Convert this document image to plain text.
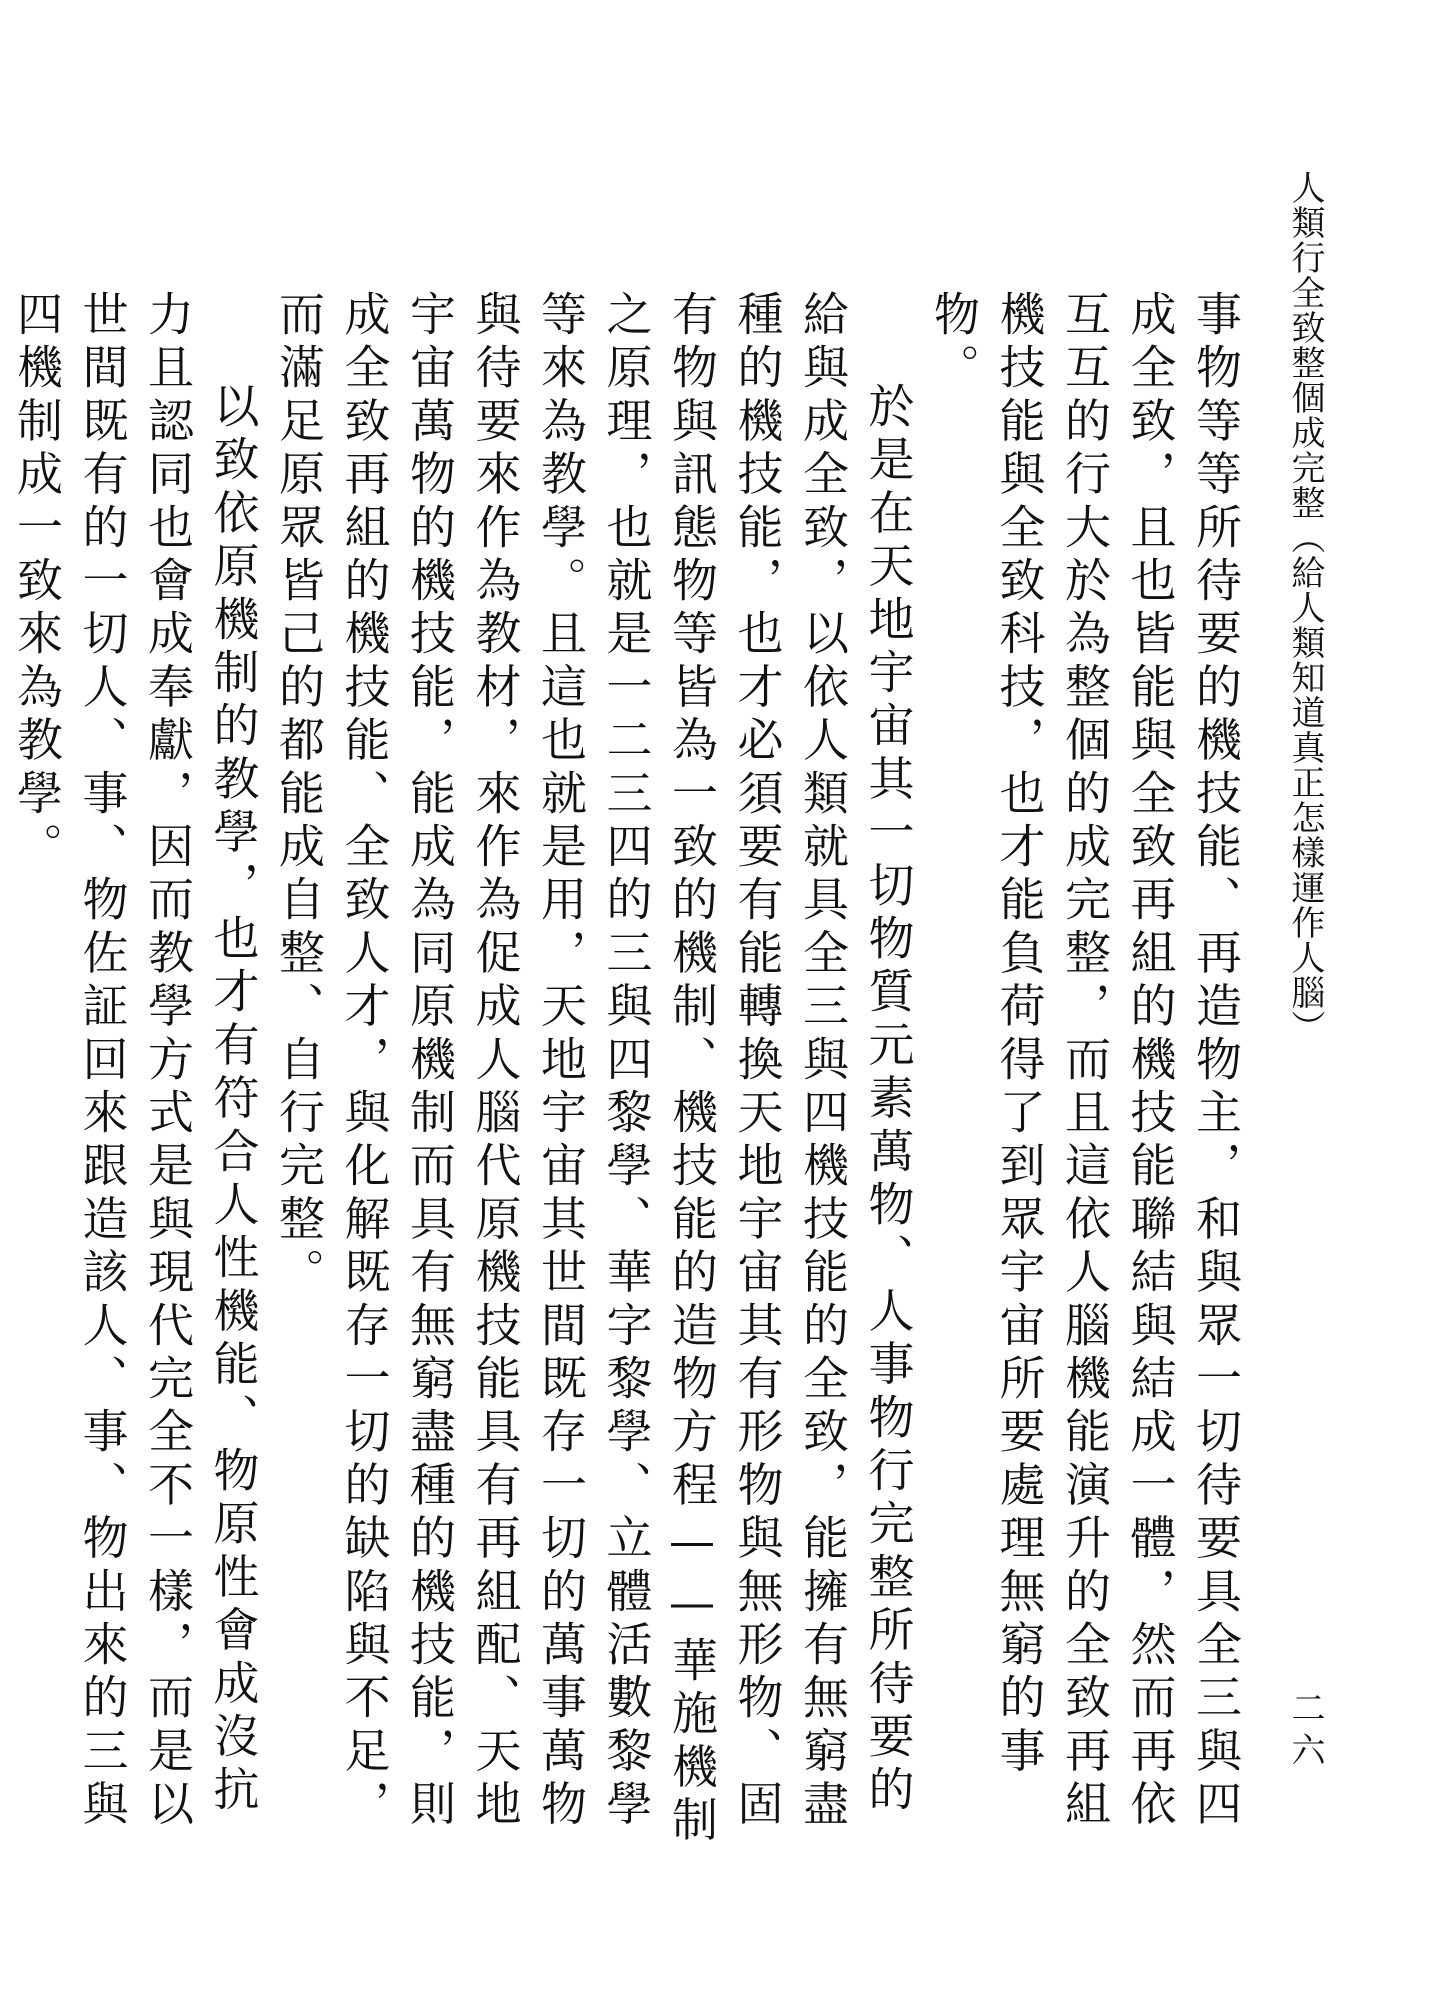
人類行全致整個成完整（給人類知道真正怎樣運作人腦）
二六

事物等等所待要的機技能、再造物主，和與眾一切待要具全三與四成全致，且也皆能與全致再組的機技能聯結與結成一體，然而再依互互的行大於為整個的成完整，而且這依人腦機能演升的全致再組機技能與全致科技，也才能負荷得了到眾宇宙所要處理無窮的事物。

於是在天地宇宙其一切物質元素萬物、人事物行完整所待要的給與成全致，以依人類就具全三與四機技能的全致，能擁有無窮盡種的機技能，也才必須要有能轉換天地宇宙其有形物與無形物、固有物與訊態物等皆為一致的機制、機技能的造物方程——華施機制之原理，也就是一二三四的三與四黎學、華字黎學、立體活數黎學等來為教學。且這也就是用，天地宇宙其世間既存一切的萬事萬物與待要來作為教材，來作為促成人腦代原機技能具有再組配、天地宇宙萬物的機技能，能成為同原機制而具有無窮盡種的機技能，則成全致再組的機技能、全致人才，與化解既存一切的缺陷與不足，而滿足原眾皆己的都能成自整、自行完整。

以致依原機制的教學，也才有符合人性機能、物原性會成沒抗力且認同也會成奉獻，因而教學方式是與現代完全不一樣，而是以世間既有的一切人、事、物佐証回來跟造該人、事、物出來的三與四機制成一致來為教學。
